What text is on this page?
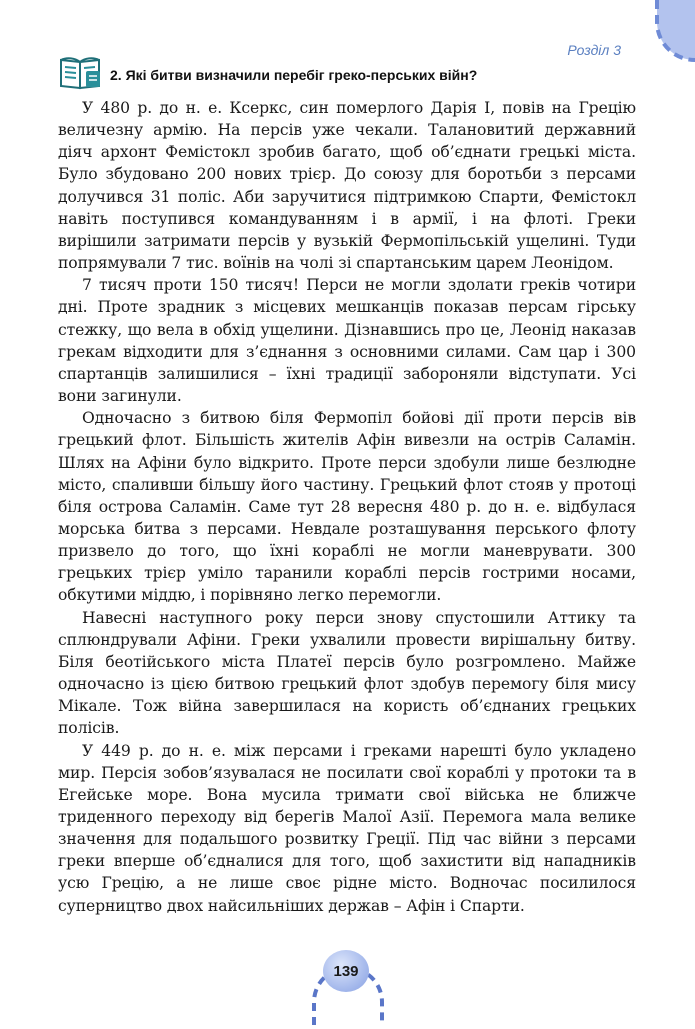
Розділ 3
2. Які битви визначили перебіг греко-перських війн?

У 480 р. до н. е. Ксеркс, син померлого Дарія І, повів на Грецію величезну армію. На персів уже чекали. Талановитий державний діяч архонт Фемістокл зробив багато, щоб об’єднати грецькі міста. Було збудовано 200 нових трієр. До союзу для боротьби з персами долучився 31 поліс. Аби заручитися підтримкою Спарти, Фемістокл навіть поступився командуванням і в армії, і на флоті. Греки вирішили затримати персів у вузькій Фермопільській ущелині. Туди попрямували 7 тис. воїнів на чолі зі спартанським царем Леонідом.

7 тисяч проти 150 тисяч! Перси не могли здолати греків чотири дні. Проте зрадник з місцевих мешканців показав персам гірську стежку, що вела в обхід ущелини. Дізнавшись про це, Леонід наказав грекам відходити для з’єднання з основними силами. Сам цар і 300 спартанців залишилися – їхні традиції забороняли відступати. Усі вони загинули.

Одночасно з битвою біля Фермопіл бойові дії проти персів вів грецький флот. Більшість жителів Афін вивезли на острів Саламін. Шлях на Афіни було відкрито. Проте перси здобули лише безлюдне місто, спаливши більшу його частину. Грецький флот стояв у протоці біля острова Саламін. Саме тут 28 вересня 480 р. до н. е. відбулася морська битва з персами. Невдале розташування перського флоту призвело до того, що їхні кораблі не могли маневрувати. 300 грецьких трієр уміло таранили кораблі персів гострими носами, обкутими міддю, і порівняно легко перемогли.

Навесні наступного року перси знову спустошили Аттику та сплюндрували Афіни. Греки ухвалили провести вирішальну битву. Біля беотійського міста Платеї персів було розгромлено. Майже одночасно із цією битвою грецький флот здобув перемогу біля мису Мікале. Тож війна завершилася на користь об’єднаних грецьких полісів.

У 449 р. до н. е. між персами і греками нарешті було укладено мир. Персія зобов’язувалася не посилати свої кораблі у протоки та в Егейське море. Вона мусила тримати свої війська не ближче триденного переходу від берегів Малої Азії. Перемога мала велике значення для подальшого розвитку Греції. Під час війни з персами греки вперше об’єдналися для того, щоб захистити від нападників усю Грецію, а не лише своє рідне місто. Водночас посилилося суперництво двох найсильніших держав – Афін і Спарти.

139
